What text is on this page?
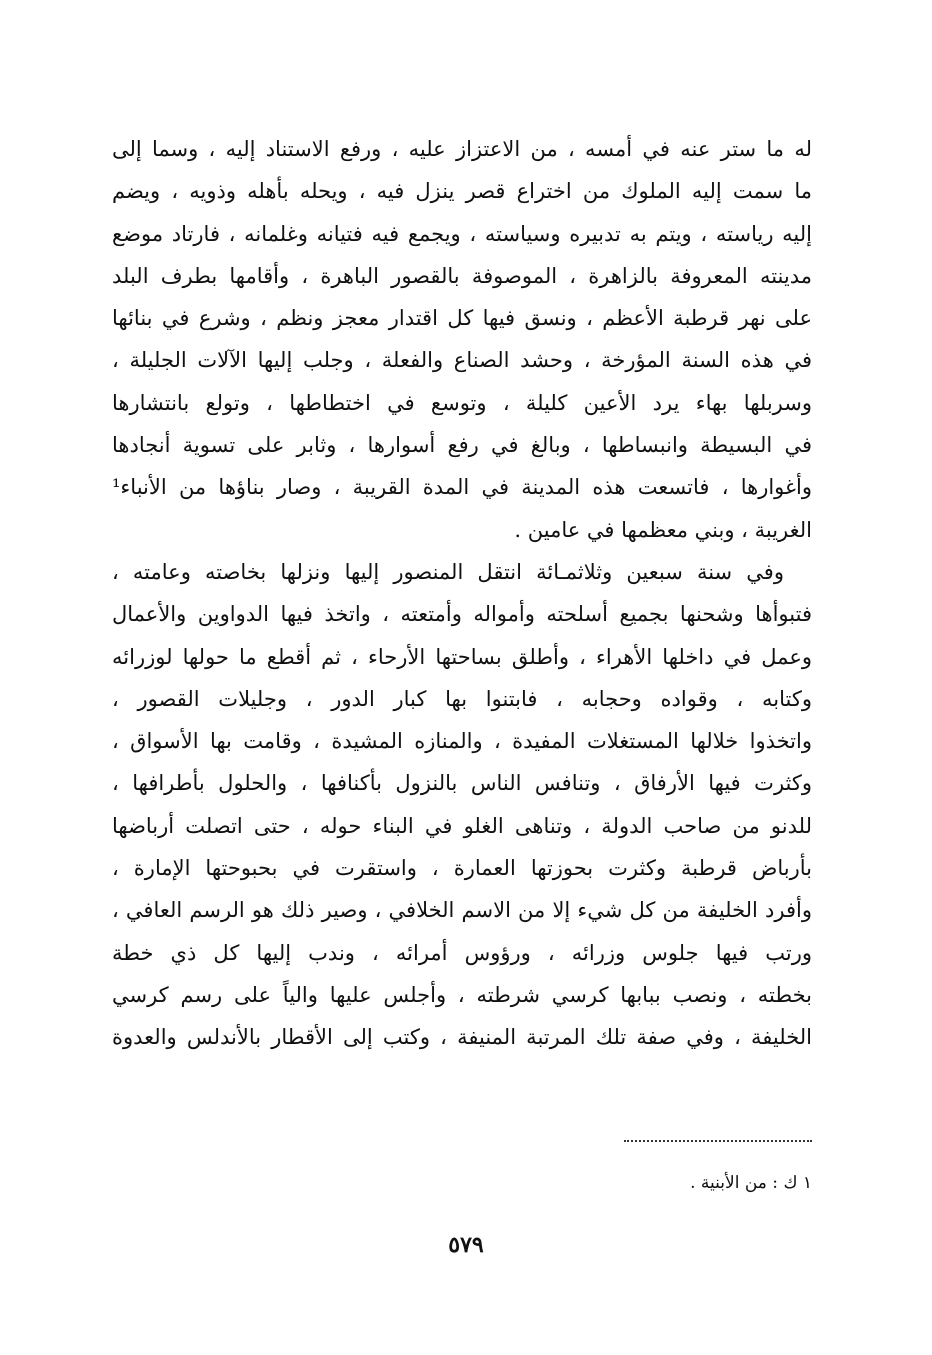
له ما ستر عنه في أمسه ، من الاعتزاز عليه ، ورفع الاستناد إليه ، وسما إلى
ما سمت إليه الملوك من اختراع قصر ينزل فيه ، ويحله بأهله وذويه ، ويضم
إليه رياسته ، ويتم به تدبيره وسياسته ، ويجمع فيه فتيانه وغلمانه ، فارتاد موضع
مدينته المعروفة بالزاهرة ، الموصوفة بالقصور الباهرة ، وأقامها بطرف البلد
على نهر قرطبة الأعظم ، ونسق فيها كل اقتدار معجز ونظم ، وشرع في بنائها
في هذه السنة المؤرخة ، وحشد الصناع والفعلة ، وجلب إليها الآلات الجليلة ،
وسربلها بهاء يرد الأعين كليلة ، وتوسع في اختطاطها ، وتولع بانتشارها
في البسيطة وانبساطها ، وبالغ في رفع أسوارها ، وثابر على تسوية أنجادها
وأغوارها ، فاتسعت هذه المدينة في المدة القريبة ، وصار بناؤها من الأنباء¹
الغريبة ، وبني معظمها في عامين .
وفي سنة سبعين وثلاثمـائة انتقل المنصور إليها ونزلها بخاصته وعامته ،
فتبوأها وشحنها بجميع أسلحته وأمواله وأمتعته ، واتخذ فيها الدواوين والأعمال
وعمل في داخلها الأهراء ، وأطلق بساحتها الأرحاء ، ثم أقطع ما حولها لوزرائه
وكتابه ، وقواده وحجابه ، فابتنوا بها كبار الدور ، وجليلات القصور ،
واتخذوا خلالها المستغلات المفيدة ، والمنازه المشيدة ، وقامت بها الأسواق ،
وكثرت فيها الأرفاق ، وتنافس الناس بالنزول بأكنافها ، والحلول بأطرافها ،
للدنو من صاحب الدولة ، وتناهى الغلو في البناء حوله ، حتى اتصلت أرباضها
بأرباض قرطبة وكثرت بحوزتها العمارة ، واستقرت في بحبوحتها الإمارة ،
وأفرد الخليفة من كل شيء إلا من الاسم الخلافي ، وصير ذلك هو الرسم العافي ،
ورتب فيها جلوس وزرائه ، ورؤوس أمرائه ، وندب إليها كل ذي خطة
بخطته ، ونصب ببابها كرسي شرطته ، وأجلس عليها والياً على رسم كرسي
الخليفة ، وفي صفة تلك المرتبة المنيفة ، وكتب إلى الأقطار بالأندلس والعدوة
١ ك : من الأبنية .
٥٧٩
